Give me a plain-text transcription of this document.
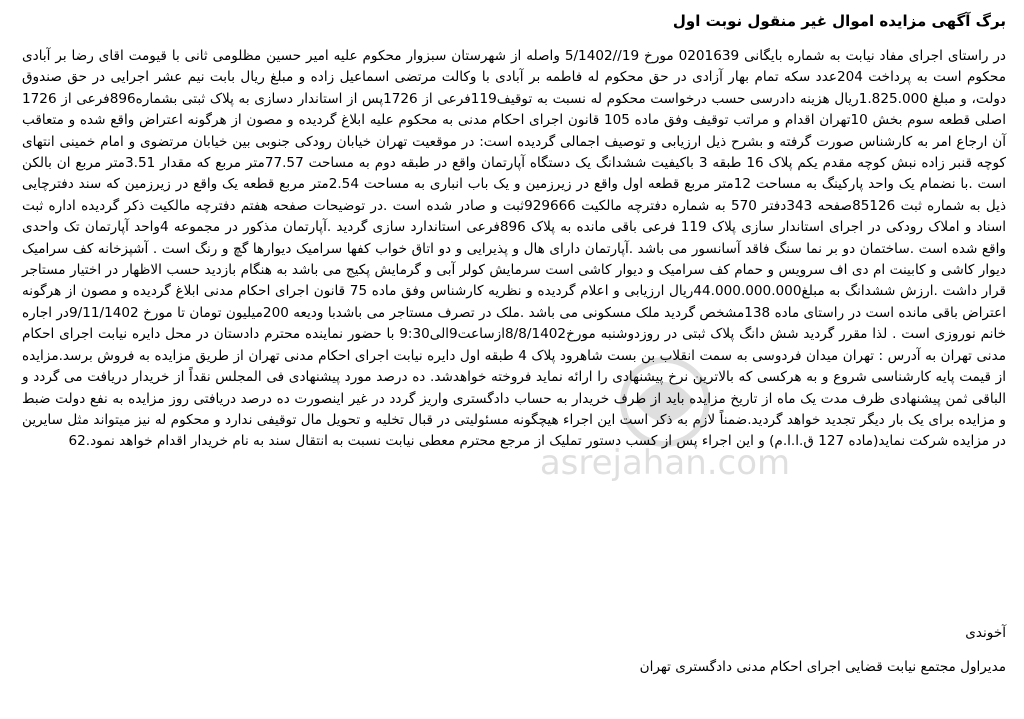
برگ آگهی مزایده اموال غیر منقول نوبت اول

در راستای اجرای مفاد نیابت به شماره بایگانی 0201639 مورخ 19//5/1402 واصله از شهرستان سبزوار محکوم علیه امیر حسین مظلومی ثانی با قیومت اقای رضا بر آبادی محکوم است به پرداخت 204عدد سکه تمام بهار آزادی در حق محکوم له فاطمه بر آبادی با وکالت مرتضی اسماعیل زاده و مبلغ ریال بابت نیم عشر اجرایی در حق صندوق دولت، و مبلغ 1.825.000ریال هزینه دادرسی حسب درخواست محکوم له نسبت به توقیف119فرعی از 1726پس از استاندار دسازی به پلاک ثبتی بشماره896فرعی از 1726 اصلی قطعه سوم بخش 10تهران اقدام و مراتب توقیف وفق ماده 105 قانون اجرای احکام مدنی به محکوم علیه ابلاغ گردیده و مصون از هرگونه اعتراض واقع شده و متعاقب آن ارجاع امر به کارشناس صورت گرفته و بشرح ذیل ارزیابی و توصیف اجمالی گردیده است: در موقعیت تهران خیابان رودکی جنوبی بین خیابان مرتضوی و امام خمینی انتهای کوچه قنبر زاده نبش کوچه مقدم یکم پلاک 16 طبقه 3 باکیفیت ششدانگ یک دستگاه آپارتمان واقع در طبقه دوم به مساحت 77.57متر مربع که مقدار 3.51متر مربع ان بالکن است .با نضمام یک واحد پارکینگ به مساحت 12متر مربع قطعه اول واقع در زیرزمین و یک باب انباری به مساحت 2.54متر مربع قطعه یک واقع در زیرزمین که سند دفترچایی ذیل به شماره ثبت 85126صفحه 343دفتر 570 به شماره دفترچه مالکیت 929666ثبت و صادر شده است .در توضیحات صفحه هفتم دفترچه مالکیت ذکر گردیده اداره ثبت اسناد و املاک رودکی در اجرای استاندار سازی پلاک 119 فرعی باقی مانده به پلاک 896فرعی استاندارد سازی گردید .آپارتمان مذکور در مجموعه 4واحد آپارتمان تک واحدی واقع شده است .ساختمان دو بر نما سنگ فاقد آسانسور می باشد .آپارتمان دارای هال و پذیرایی و دو اتاق خواب کفها سرامیک دیوارها گچ و رنگ است . آشپزخانه کف سرامیک دیوار کاشی و کابینت ام دی اف سرویس و حمام کف سرامیک و دیوار کاشی است سرمایش کولر آبی و گرمایش پکیج می باشد به هنگام بازدید حسب الاظهار در اختیار مستاجر قرار داشت .ارزش ششدانگ به مبلغ44.000.000.000ریال ارزیابی و اعلام گردیده و نظریه کارشناس وفق ماده 75 قانون اجرای احکام مدنی ابلاغ گردیده و مصون از هرگونه اعتراض باقی مانده است در راستای ماده 138مشخص گردید ملک مسکونی می باشد .ملک در تصرف مستاجر می باشدبا ودیعه 200میلیون تومان تا مورخ 9/11/1402در اجاره خانم نوروزی است . لذا مقرر گردید شش دانگ پلاک ثبتی در روزدوشنبه مورخ8/8/1402ازساعت9الی9:30 با حضور نماینده محترم دادستان در محل دایره نیابت اجرای احکام مدنی تهران به آدرس : تهران میدان فردوسی به سمت انقلاب بن بست شاهرود پلاک 4 طبقه اول دایره نیابت اجرای احکام مدنی تهران از طریق مزایده به فروش برسد.مزایده از قیمت پایه کارشناسی شروع و به هرکسی که بالاترین نرخ پیشنهادی را ارائه نماید فروخته خواهدشد. ده درصد مورد پیشنهادی فی المجلس نقداً از خریدار دریافت می گردد و الباقی ثمن پیشنهادی ظرف مدت یک ماه از تاریخ مزایده باید از طرف خریدار به حساب دادگستری واریز گردد در غیر اینصورت ده درصد دریافتی روز مزایده به نفع دولت ضبط و مزایده برای یک بار دیگر تجدید خواهد گردید.ضمناً لازم به ذکر است این اجراء هیچگونه مسئولیتی در قبال تخلیه و تحویل مال توقیفی ندارد و محکوم له نیز میتواند مثل سایرین در مزایده شرکت نماید(ماده 127 ق.ا.ا.م) و این اجراء پس از کسب دستور تملیک از مرجع محترم معطی نیابت نسبت به انتقال سند به نام خریدار اقدام خواهد نمود.62

asrejahan.com
آخوندی
مدیراول مجتمع نیابت قضایی اجرای احکام مدنی دادگستری تهران
